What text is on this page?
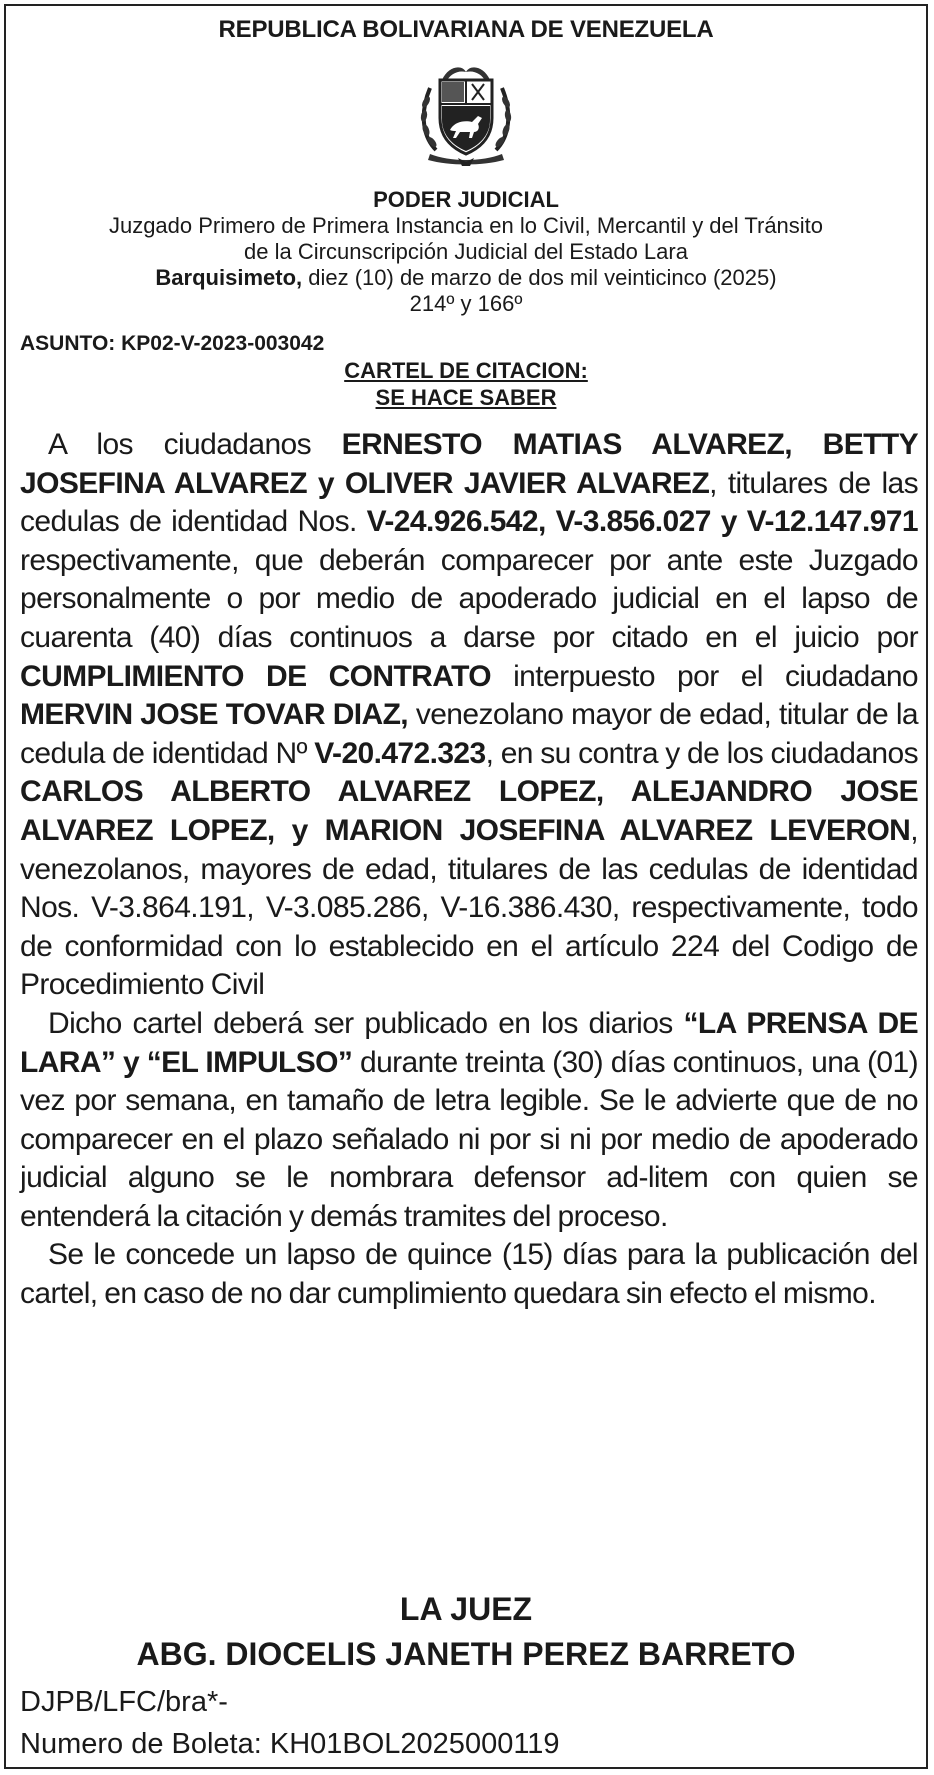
REPUBLICA BOLIVARIANA DE VENEZUELA
PODER JUDICIAL
Juzgado Primero de Primera Instancia en lo Civil, Mercantil y del Tránsito
de la Circunscripción Judicial del Estado Lara
Barquisimeto, diez (10) de marzo de dos mil veinticinco (2025)
214º y 166º
ASUNTO: KP02-V-2023-003042
CARTEL DE CITACION:
SE HACE SABER

A los ciudadanos ERNESTO MATIAS ALVAREZ, BETTY JOSEFINA ALVAREZ y OLIVER JAVIER ALVAREZ, titulares de las cedulas de identidad Nos. V-24.926.542, V-3.856.027 y V-12.147.971 respectivamente, que deberán comparecer por ante este Juzgado personalmente o por medio de apoderado judicial en el lapso de cuarenta (40) días continuos a darse por citado en el juicio por CUMPLIMIENTO DE CONTRATO interpuesto por el ciudadano MERVIN JOSE TOVAR DIAZ, venezolano mayor de edad, titular de la cedula de identidad Nº V-20.472.323, en su contra y de los ciudadanos CARLOS ALBERTO ALVAREZ LOPEZ, ALEJANDRO JOSE ALVAREZ LOPEZ, y MARION JOSEFINA ALVAREZ LEVERON, venezolanos, mayores de edad, titulares de las cedulas de identidad Nos. V-3.864.191, V-3.085.286, V-16.386.430, respectivamente, todo de conformidad con lo establecido en el artículo 224 del Codigo de Procedimiento Civil

Dicho cartel deberá ser publicado en los diarios “LA PRENSA DE LARA” y “EL IMPULSO” durante treinta (30) días continuos, una (01) vez por semana, en tamaño de letra legible. Se le advierte que de no comparecer en el plazo señalado ni por si ni por medio de apoderado judicial alguno se le nombrara defensor ad-litem con quien se entenderá la citación y demás tramites del proceso.

Se le concede un lapso de quince (15) días para la publicación del cartel, en caso de no dar cumplimiento quedara sin efecto el mismo.

LA JUEZ
ABG. DIOCELIS JANETH PEREZ BARRETO
DJPB/LFC/bra*-
Numero de Boleta: KH01BOL2025000119
